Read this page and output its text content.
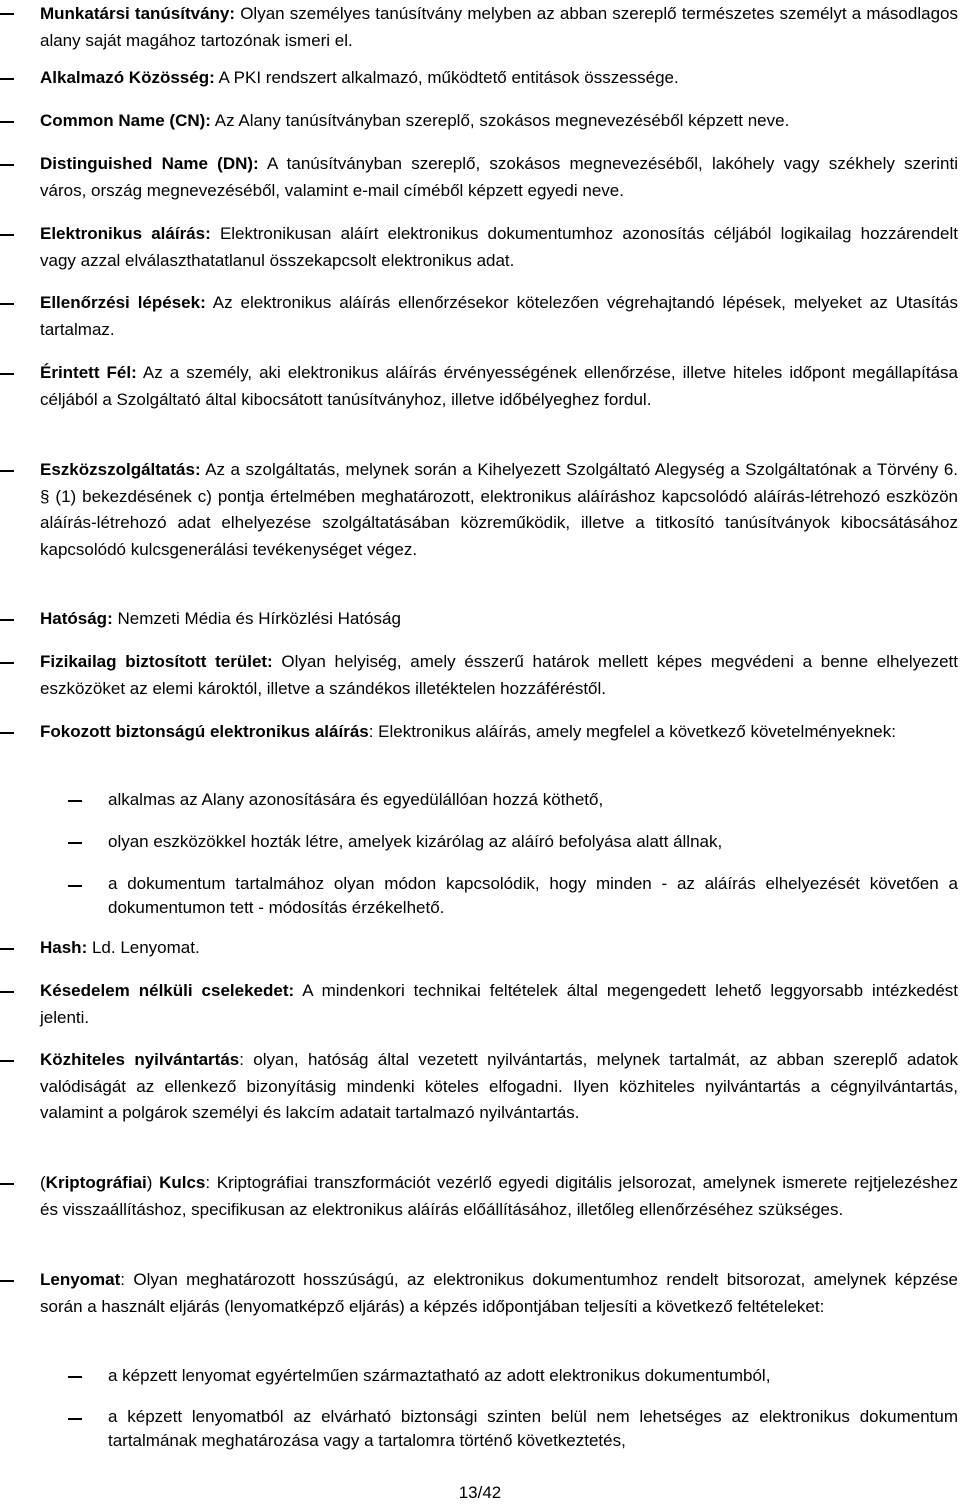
Munkatársi tanúsítvány: Olyan személyes tanúsítvány melyben az abban szereplő természetes személyt a másodlagos alany saját magához tartozónak ismeri el.
Alkalmazó Közösség: A PKI rendszert alkalmazó, működtető entitások összessége.
Common Name (CN): Az Alany tanúsítványban szereplő, szokásos megnevezéséből képzett neve.
Distinguished Name (DN): A tanúsítványban szereplő, szokásos megnevezéséből, lakóhely vagy székhely szerinti város, ország megnevezéséből, valamint e-mail címéből képzett egyedi neve.
Elektronikus aláírás: Elektronikusan aláírt elektronikus dokumentumhoz azonosítás céljából logikailag hozzárendelt vagy azzal elválaszthatatlanul összekapcsolt elektronikus adat.
Ellenőrzési lépések: Az elektronikus aláírás ellenőrzésekor kötelezően végrehajtandó lépések, melyeket az Utasítás tartalmaz.
Érintett Fél: Az a személy, aki elektronikus aláírás érvényességének ellenőrzése, illetve hiteles időpont megállapítása céljából a Szolgáltató által kibocsátott tanúsítványhoz, illetve időbélyeghez fordul.
Eszközszolgáltatás: Az a szolgáltatás, melynek során a Kihelyezett Szolgáltató Alegység a Szolgáltatónak a Törvény 6. § (1) bekezdésének c) pontja értelmében meghatározott, elektronikus aláíráshoz kapcsolódó aláírás-létrehozó eszközön aláírás-létrehozó adat elhelyezése szolgáltatásában közreműködik, illetve a titkosító tanúsítványok kibocsátásához kapcsolódó kulcsgenerálási tevékenységet végez.
Hatóság: Nemzeti Média és Hírközlési Hatóság
Fizikailag biztosított terület: Olyan helyiség, amely ésszerű határok mellett képes megvédeni a benne elhelyezett eszközöket az elemi károktól, illetve a szándékos illetéktelen hozzáféréstől.
Fokozott biztonságú elektronikus aláírás: Elektronikus aláírás, amely megfelel a következő követelményeknek:
alkalmas az Alany azonosítására és egyedülállóan hozzá köthető,
olyan eszközökkel hozták létre, amelyek kizárólag az aláíró befolyása alatt állnak,
a dokumentum tartalmához olyan módon kapcsolódik, hogy minden - az aláírás elhelyezését követően a dokumentumon tett - módosítás érzékelhető.
Hash: Ld. Lenyomat.
Késedelem nélküli cselekedet: A mindenkori technikai feltételek által megengedett lehető leggyorsabb intézkedést jelenti.
Közhiteles nyilvántartás: olyan, hatóság által vezetett nyilvántartás, melynek tartalmát, az abban szereplő adatok valódiságát az ellenkező bizonyításig mindenki köteles elfogadni. Ilyen közhiteles nyilvántartás a cégnyilvántartás, valamint a polgárok személyi és lakcím adatait tartalmazó nyilvántartás.
(Kriptográfiai) Kulcs: Kriptográfiai transzformációt vezérlő egyedi digitális jelsorozat, amelynek ismerete rejtjelezéshez és visszaállításhoz, specifikusan az elektronikus aláírás előállításához, illetőleg ellenőrzéséhez szükséges.
Lenyomat: Olyan meghatározott hosszúságú, az elektronikus dokumentumhoz rendelt bitsorozat, amelynek képzése során a használt eljárás (lenyomatképző eljárás) a képzés időpontjában teljesíti a következő feltételeket:
a képzett lenyomat egyértelműen származtatható az adott elektronikus dokumentumból,
a képzett lenyomatból az elvárható biztonsági szinten belül nem lehetséges az elektronikus dokumentum tartalmának meghatározása vagy a tartalomra történő következtetés,
13/42
